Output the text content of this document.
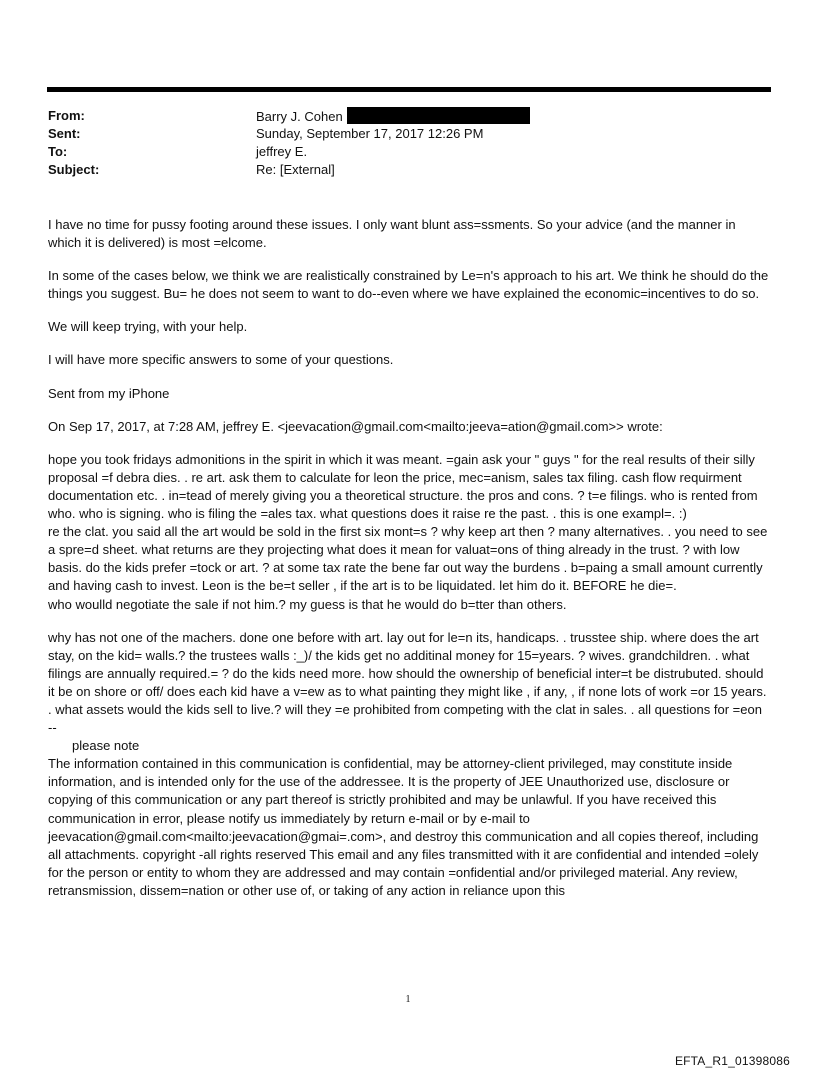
From:	Barry J. Cohen
Sent:	Sunday, September 17, 2017 12:26 PM
To:	jeffrey E.
Subject:	Re: [External]

I have no time for pussy footing around these issues. I only want blunt ass=ssments. So your advice (and the manner in which it is delivered) is most =elcome.

In some of the cases below, we think we are realistically constrained by Le=n's approach to his art. We think he should do the things you suggest. Bu= he does not seem to want to do--even where we have explained the economic=incentives to do so.

We will keep trying, with your help.

I will have more specific answers to some of your questions.

Sent from my iPhone

On Sep 17, 2017, at 7:28 AM, jeffrey E. <jeevacation@gmail.com<mailto:jeeva=ation@gmail.com>> wrote:

hope you took fridays admonitions in the spirit in which it was meant. =gain ask your " guys " for the real results of their silly proposal =f debra dies. . re art. ask them to calculate for leon the price, mec=anism, sales tax filing. cash flow requirment documentation etc. . in=tead of merely giving you a theoretical structure. the pros and cons. ? t=e filings. who is rented from who. who is signing. who is filing the =ales tax. what questions does it raise re the past. . this is one exampl=. :)

re the clat. you said all the art would be sold in the first six mont=s ? why keep art then ? many alternatives. . you need to see a spre=d sheet. what returns are they projecting what does it mean for valuat=ons of thing already in the trust. ? with low basis. do the kids prefer =tock or art. ? at some tax rate the bene far out way the burdens . b=paing a small amount currently and having cash to invest. Leon is the be=t seller , if the art is to be liquidated. let him do it. BEFORE he die=.

who woulld negotiate the sale if not him.? my guess is that he would do b=tter than others.

why has not one of the machers. done one before with art. lay out for le=n its, handicaps. . trusstee ship. where does the art stay, on the kid= walls.? the trustees walls :_)/ the kids get no additinal money for 15=years. ? wives. grandchildren. . what filings are annually required.= ? do the kids need more. how should the ownership of beneficial inter=t be distrubuted. should it be on shore or off/ does each kid have a v=ew as to what painting they might like , if any, , if none lots of work =or 15 years. . what assets would the kids sell to live.? will they =e prohibited from competing with the clat in sales. . all questions for =eon

--

please note

The information contained in this communication is confidential, may be attorney-client privileged, may constitute inside information, and is intended only for the use of the addressee. It is the property of JEE Unauthorized use, disclosure or copying of this communication or any part thereof is strictly prohibited and may be unlawful. If you have received this communication in error, please notify us immediately by return e-mail or by e-mail to jeevacation@gmail.com<mailto:jeevacation@gmai=.com>, and destroy this communication and all copies thereof, including all attachments. copyright -all rights reserved This email and any files transmitted with it are confidential and intended =olely for the person or entity to whom they are addressed and may contain =onfidential and/or privileged material. Any review, retransmission, dissem=nation or other use of, or taking of any action in reliance upon this

1
EFTA_R1_01398086
